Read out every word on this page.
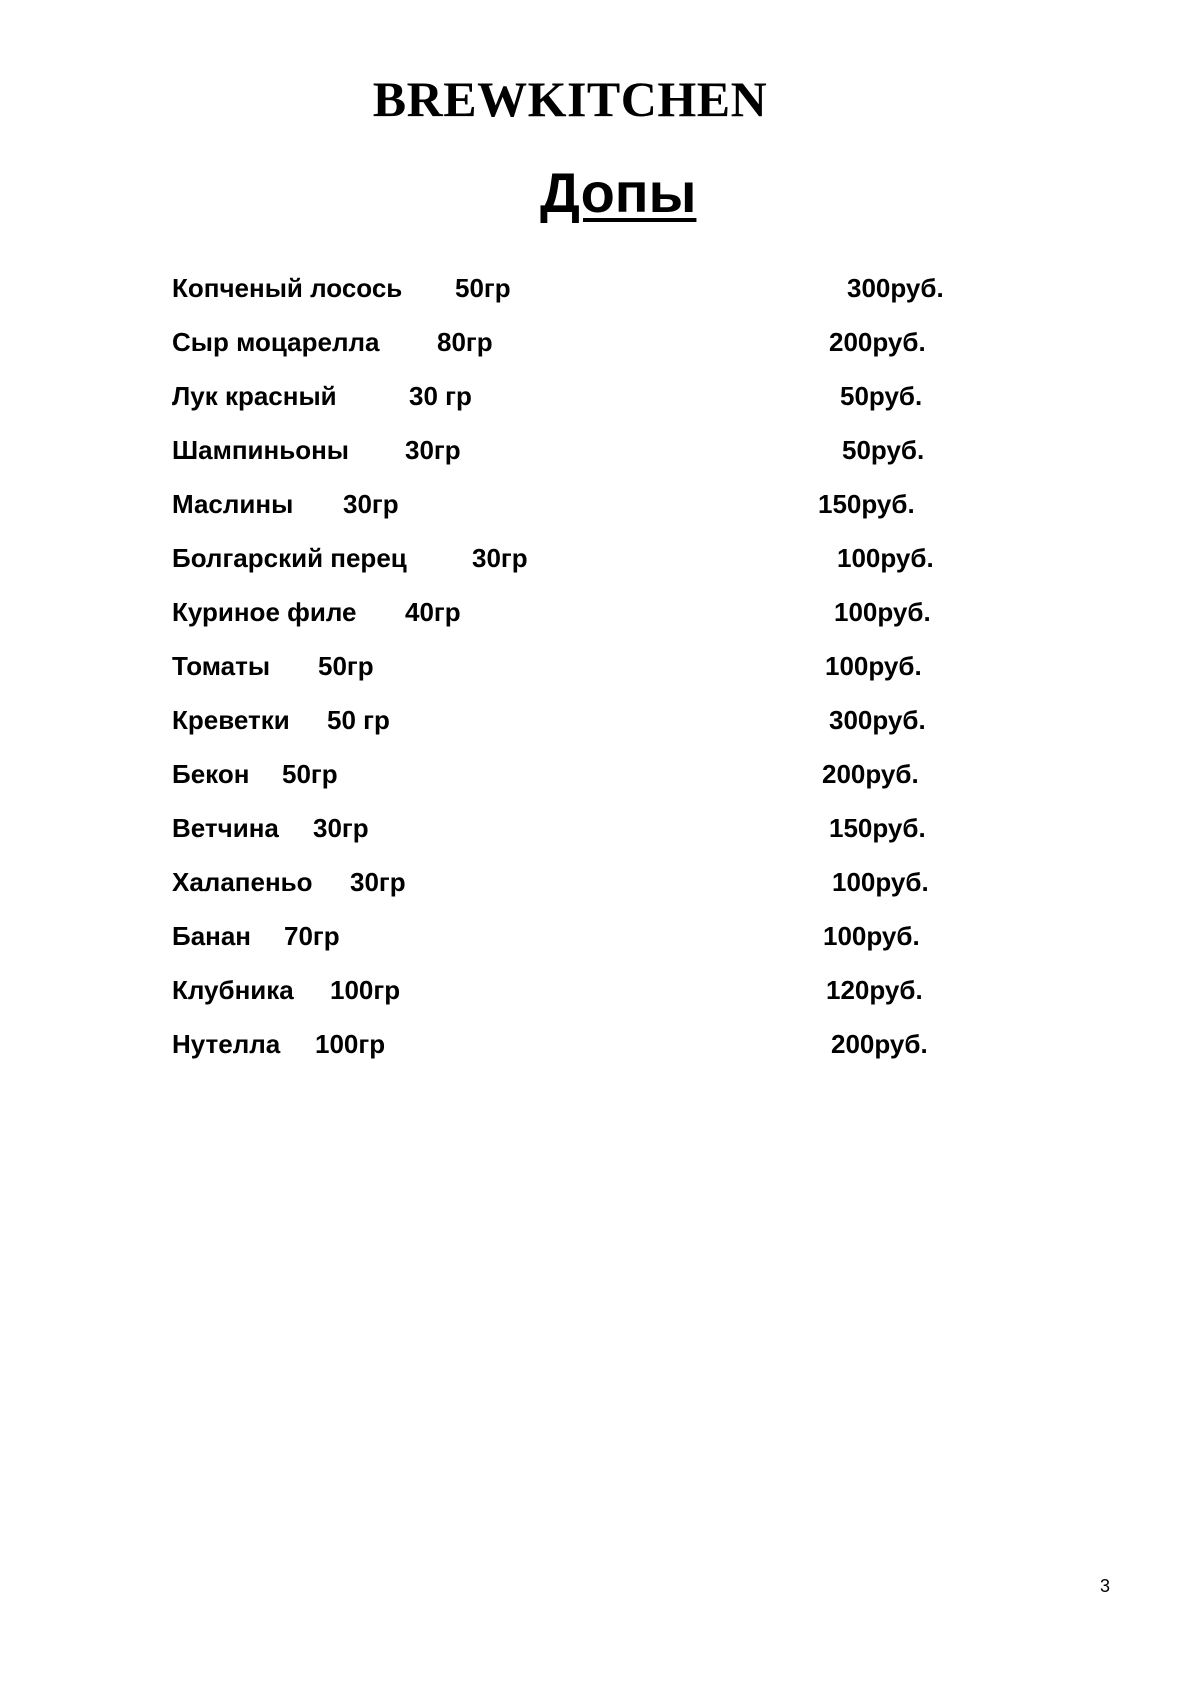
BREWKITCHEN
Допы
Копченый лосось 50гр	300руб.
Сыр моцарелла 80гр	200руб.
Лук красный	30 гр	50руб.
Шампиньоны 30гр	50руб.
Маслины 30гр	150руб.
Болгарский перец	30гр	100руб.
Куриное филе 40гр	100руб.
Томаты 50гр	100руб.
Креветки 50 гр	300руб.
Бекон 50гр	200руб.
Ветчина 30гр	150руб.
Халапеньо 30гр	100руб.
Банан 70гр	100руб.
Клубника 100гр	120руб.
Нутелла 100гр	200руб.
3
